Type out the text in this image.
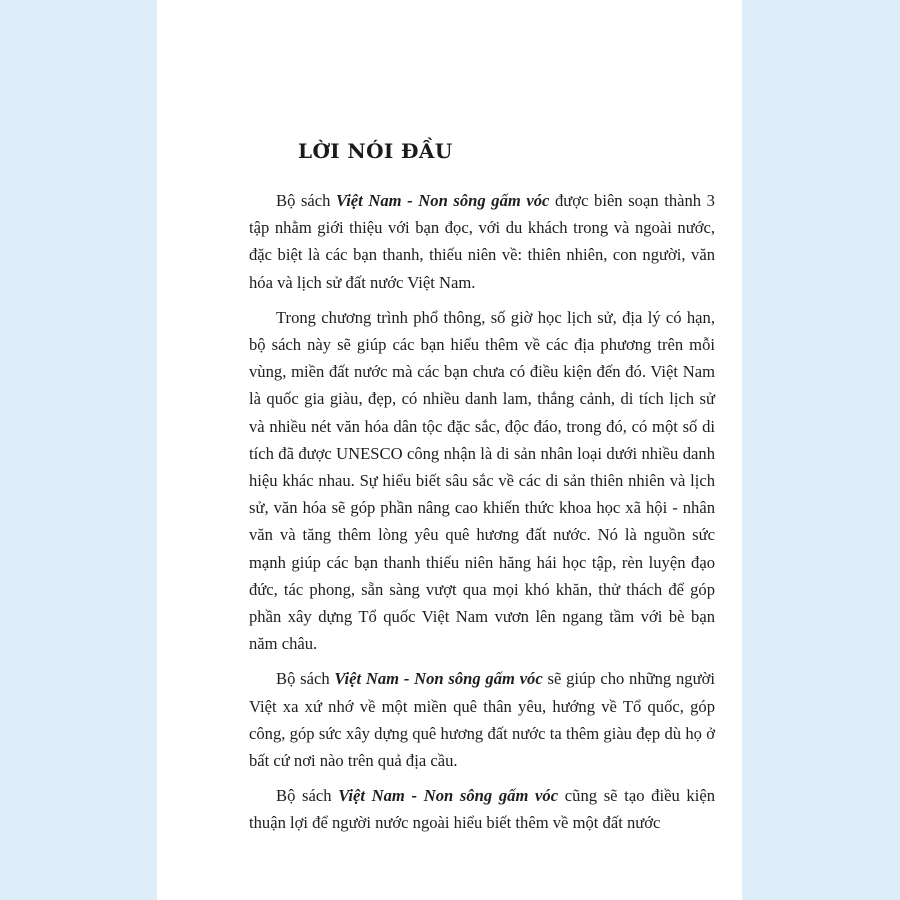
LỜI NÓI ĐẦU

Bộ sách Việt Nam - Non sông gấm vóc được biên soạn thành 3 tập nhằm giới thiệu với bạn đọc, với du khách trong và ngoài nước, đặc biệt là các bạn thanh, thiếu niên về: thiên nhiên, con người, văn hóa và lịch sử đất nước Việt Nam.

Trong chương trình phổ thông, số giờ học lịch sử, địa lý có hạn, bộ sách này sẽ giúp các bạn hiểu thêm về các địa phương trên mỗi vùng, miền đất nước mà các bạn chưa có điều kiện đến đó. Việt Nam là quốc gia giàu, đẹp, có nhiều danh lam, thắng cảnh, di tích lịch sử và nhiều nét văn hóa dân tộc đặc sắc, độc đáo, trong đó, có một số di tích đã được UNESCO công nhận là di sản nhân loại dưới nhiều danh hiệu khác nhau. Sự hiểu biết sâu sắc về các di sản thiên nhiên và lịch sử, văn hóa sẽ góp phần nâng cao khiến thức khoa học xã hội - nhân văn và tăng thêm lòng yêu quê hương đất nước. Nó là nguồn sức mạnh giúp các bạn thanh thiếu niên hăng hái học tập, rèn luyện đạo đức, tác phong, sẵn sàng vượt qua mọi khó khăn, thử thách để góp phần xây dựng Tổ quốc Việt Nam vươn lên ngang tầm với bè bạn năm châu.

Bộ sách Việt Nam - Non sông gấm vóc sẽ giúp cho những người Việt xa xứ nhớ về một miền quê thân yêu, hướng về Tổ quốc, góp công, góp sức xây dựng quê hương đất nước ta thêm giàu đẹp dù họ ở bất cứ nơi nào trên quả địa cầu.

Bộ sách Việt Nam - Non sông gấm vóc cũng sẽ tạo điều kiện thuận lợi để người nước ngoài hiểu biết thêm về một đất nước
